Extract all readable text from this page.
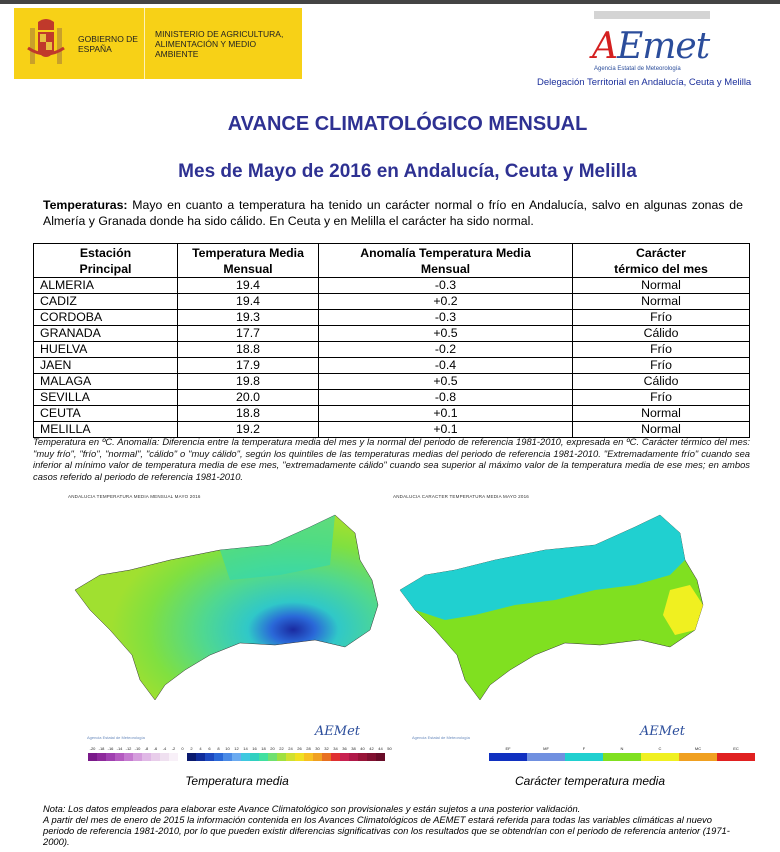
GOBIERNO DE ESPAÑA
MINISTERIO DE AGRICULTURA, ALIMENTACIÓN Y MEDIO AMBIENTE	AEmet
Agencia Estatal de Meteorología
Delegación Territorial en Andalucía, Ceuta y Melilla
AVANCE CLIMATOLÓGICO MENSUAL
Mes de Mayo de 2016 en Andalucía, Ceuta y Melilla

Temperaturas: Mayo en cuanto a temperatura ha tenido un carácter normal o frío en Andalucía, salvo en algunas zonas de Almería y Granada donde ha sido cálido. En Ceuta y en Melilla el carácter ha sido normal.

Estación Principal	Temperatura Media Mensual	Anomalía Temperatura Media Mensual	Carácter térmico del mes
ALMERIA	19.4	-0.3	Normal
CADIZ	19.4	+0.2	Normal
CORDOBA	19.3	-0.3	Frío
GRANADA	17.7	+0.5	Cálido
HUELVA	18.8	-0.2	Frío
JAEN	17.9	-0.4	Frío
MALAGA	19.8	+0.5	Cálido
SEVILLA	20.0	-0.8	Frío
CEUTA	18.8	+0.1	Normal
MELILLA	19.2	+0.1	Normal
Temperatura en ºC. Anomalía: Diferencia entre la temperatura media del mes y la normal del periodo de referencia 1981-2010, expresada en ºC. Carácter térmico del mes: "muy frío", "frío", "normal", "cálido" o "muy cálido", según los quintiles de las temperaturas medias del periodo de referencia 1981-2010. "Extremadamente frío" cuando sea inferior al mínimo valor de temperatura media de ese mes, "extremadamente cálido" cuando sea superior al máximo valor de la temperatura media de ese mes; en ambos casos referido al periodo de referencia 1981-2010.
ANDALUCIA TEMPERATURA MEDIA MENSUAL MAYO 2016
Agencia Estatal de Meteorología	AEMet
-20 -18 -16 -14 -12 -10	-8	-6	-4	-2	0	2	4	6	8	10	12	14	16	18	20	22	24	26	28	30	32	34	36	38	40	42	44	50
Temperatura media
ANDALUCIA CARACTER TEMPERATURA MEDIA MAYO 2016
Agencia Estatal de Meteorología	AEMet
EF	MF	F	N	C	MC	EC
Carácter temperatura media
Nota: Los datos empleados para elaborar este Avance Climatológico son provisionales y están sujetos a una posterior validación.
A partir del mes de enero de 2015 la información contenida en los Avances Climatológicos de AEMET estará referida para todas las variables climáticas al nuevo periodo de referencia 1981-2010, por lo que pueden existir diferencias significativas con los resultados que se obtendrían con el periodo de referencia anterior (1971-2000).
